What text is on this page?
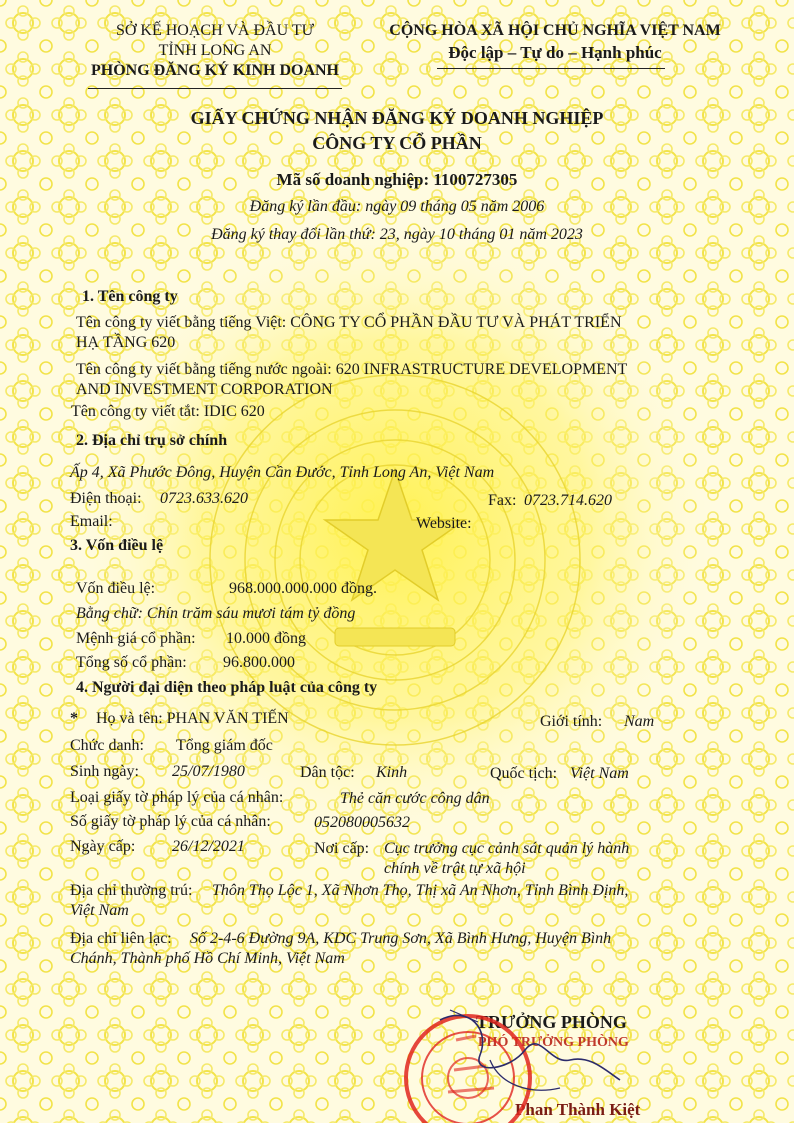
SỞ KẾ HOẠCH VÀ ĐẦU TƯ
TỈNH LONG AN
PHÒNG ĐĂNG KÝ KINH DOANH
CỘNG HÒA XÃ HỘI CHỦ NGHĨA VIỆT NAM
Độc lập – Tự do – Hạnh phúc
GIẤY CHỨNG NHẬN ĐĂNG KÝ DOANH NGHIỆP
CÔNG TY CỔ PHẦN
Mã số doanh nghiệp: 1100727305
Đăng ký lần đầu: ngày 09 tháng 05 năm 2006
Đăng ký thay đổi lần thứ: 23, ngày 10 tháng 01 năm 2023
1. Tên công ty
Tên công ty viết bằng tiếng Việt: CÔNG TY CỔ PHẦN ĐẦU TƯ VÀ PHÁT TRIỂN
HẠ TẦNG 620
Tên công ty viết bằng tiếng nước ngoài: 620 INFRASTRUCTURE DEVELOPMENT
AND INVESTMENT CORPORATION
Tên công ty viết tắt: IDIC 620
2. Địa chỉ trụ sở chính
Ấp 4, Xã Phước Đông, Huyện Cần Đước, Tỉnh Long An, Việt Nam
Điện thoại: 0723.633.620	Fax: 0723.714.620
Email:	Website:
3. Vốn điều lệ
Vốn điều lệ:	968.000.000.000 đồng.
Bằng chữ: Chín trăm sáu mươi tám tỷ đồng
Mệnh giá cổ phần: 10.000 đồng
Tổng số cổ phần: 96.800.000
4. Người đại diện theo pháp luật của công ty
* Họ và tên: PHAN VĂN TIẾN	Giới tính: Nam
Chức danh: Tổng giám đốc
Sinh ngày: 25/07/1980	Dân tộc: Kinh	Quốc tịch: Việt Nam
Loại giấy tờ pháp lý của cá nhân:	Thẻ căn cước công dân
Số giấy tờ pháp lý của cá nhân:	052080005632
Ngày cấp: 26/12/2021	Nơi cấp: Cục trưởng cục cảnh sát quản lý hành
chính về trật tự xã hội
Địa chỉ thường trú: Thôn Thọ Lộc 1, Xã Nhơn Thọ, Thị xã An Nhơn, Tỉnh Bình Định,
Việt Nam
Địa chỉ liên lạc: Số 2-4-6 Đường 9A, KDC Trung Sơn, Xã Bình Hưng, Huyện Bình
Chánh, Thành phố Hồ Chí Minh, Việt Nam
TRƯỞNG PHÒNG
PHÓ TRƯỞNG PHÒNG
Phan Thành Kiệt
